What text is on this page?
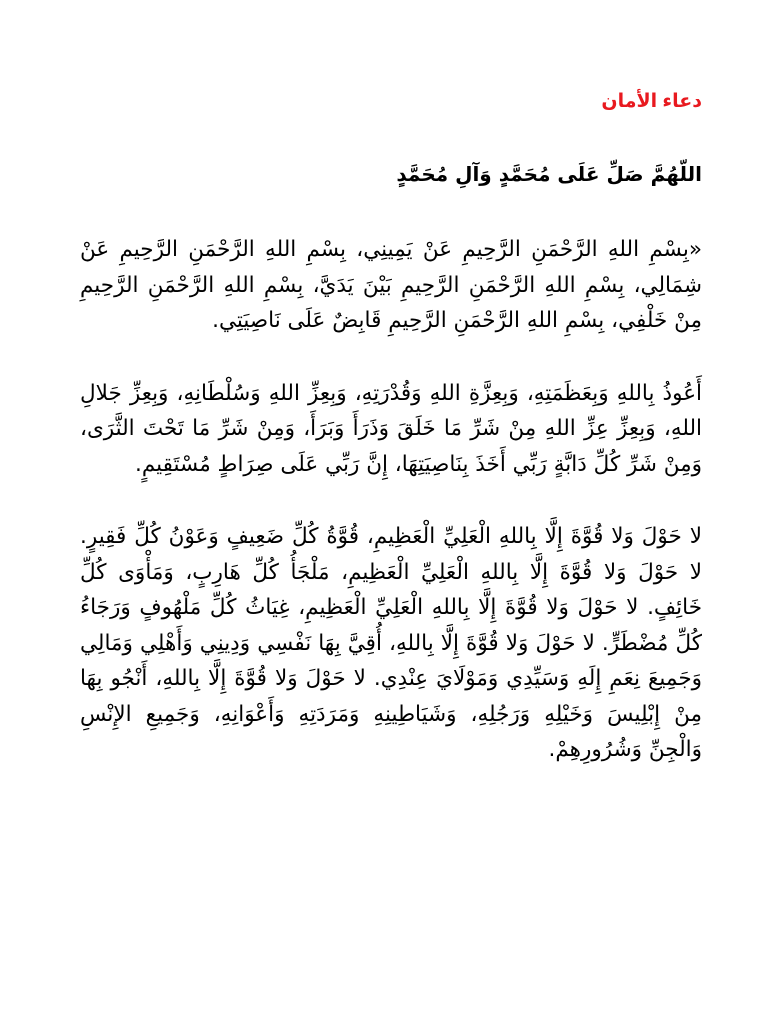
دعاء الأمان
اللّهُمَّ صَلِّ عَلَى مُحَمَّدٍ وَآلِ مُحَمَّدٍ
«بِسْمِ اللهِ الرَّحْمَنِ الرَّحِيمِ عَنْ يَمِينِي، بِسْمِ اللهِ الرَّحْمَنِ الرَّحِيمِ عَنْ شِمَالِي، بِسْمِ اللهِ الرَّحْمَنِ الرَّحِيمِ بَيْنَ يَدَيَّ، بِسْمِ اللهِ الرَّحْمَنِ الرَّحِيمِ مِنْ خَلْفِي، بِسْمِ اللهِ الرَّحْمَنِ الرَّحِيمِ قَابِضٌ عَلَى نَاصِيَتِي.
أَعُوذُ بِاللهِ وَبِعَظَمَتِهِ، وَبِعِزَّةِ اللهِ وَقُدْرَتِهِ، وَبِعِزِّ اللهِ وَسُلْطَانِهِ، وَبِعِزِّ جَلالِ اللهِ، وَبِعِزِّ عِزِّ اللهِ مِنْ شَرِّ مَا خَلَقَ وَذَرَأَ وَبَرَأَ، وَمِنْ شَرِّ مَا تَحْتَ الثَّرَى، وَمِنْ شَرِّ كُلِّ دَابَّةٍ رَبِّي أَخَذَ بِنَاصِيَتِهَا، إِنَّ رَبِّي عَلَى صِرَاطٍ مُسْتَقِيمٍ.
لا حَوْلَ وَلا قُوَّةَ إِلَّا بِاللهِ الْعَلِيِّ الْعَظِيمِ، قُوَّةُ كُلِّ ضَعِيفٍ وَعَوْنُ كُلِّ فَقِيرٍ. لا حَوْلَ وَلا قُوَّةَ إِلَّا بِاللهِ الْعَلِيِّ الْعَظِيمِ، مَلْجَأُ كُلِّ هَارِبٍ، وَمَأْوَى كُلِّ خَائِفٍ. لا حَوْلَ وَلا قُوَّةَ إِلَّا بِاللهِ الْعَلِيِّ الْعَظِيمِ، غِيَاثُ كُلِّ مَلْهُوفٍ وَرَجَاءُ كُلِّ مُضْطَرٍّ. لا حَوْلَ وَلا قُوَّةَ إِلَّا بِاللهِ، أُقِيَّ بِهَا نَفْسِي وَدِينِي وَأَهْلِي وَمَالِي وَجَمِيعَ نِعَمِ إِلَهِ وَسَيِّدِي وَمَوْلَايَ عِنْدِي. لا حَوْلَ وَلا قُوَّةَ إِلَّا بِاللهِ، أَنْجُو بِهَا مِنْ إِبْلِيسَ وَخَيْلِهِ وَرَجُلِهِ، وَشَيَاطِينِهِ وَمَرَدَتِهِ وَأَعْوَانِهِ، وَجَمِيعِ الإِنْسِ وَالْجِنِّ وَشُرُورِهِمْ.
